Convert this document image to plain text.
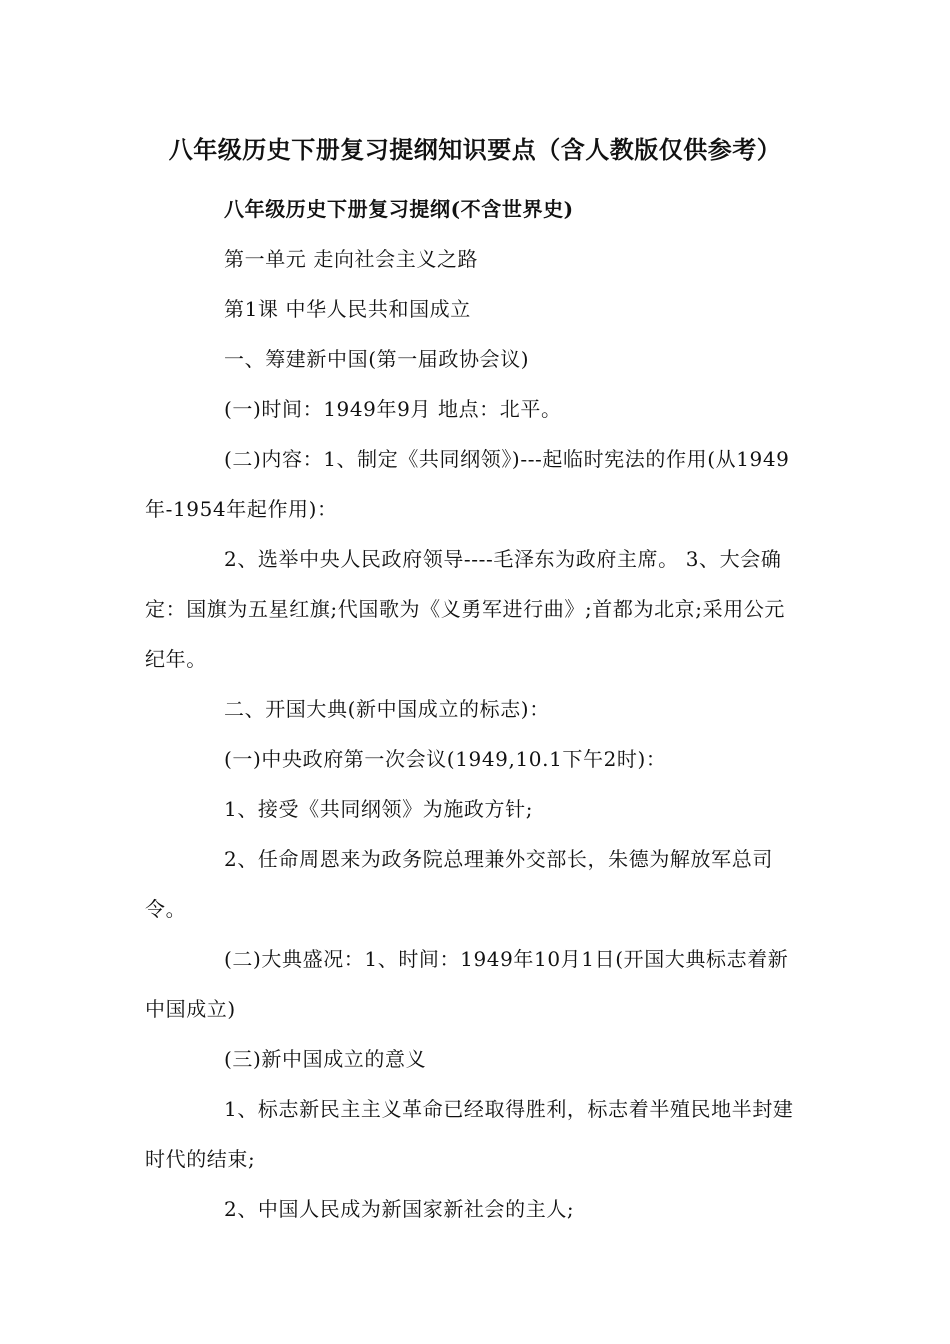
八年级历史下册复习提纲知识要点（含人教版仅供参考）

八年级历史下册复习提纲(不含世界史)

第一单元 走向社会主义之路

第1课 中华人民共和国成立

一、筹建新中国(第一届政协会议)

(一)时间：1949年9月 地点：北平。

(二)内容：1、制定《共同纲领》)---起临时宪法的作用(从1949年-1954年起作用)：

2、选举中央人民政府领导----毛泽东为政府主席。 3、大会确定：国旗为五星红旗;代国歌为《义勇军进行曲》;首都为北京;采用公元纪年。

二、开国大典(新中国成立的标志)：

(一)中央政府第一次会议(1949,10.1下午2时)：

1、接受《共同纲领》为施政方针;

2、任命周恩来为政务院总理兼外交部长，朱德为解放军总司令。

(二)大典盛况：1、时间：1949年10月1日(开国大典标志着新中国成立)

(三)新中国成立的意义

1、标志新民主主义革命已经取得胜利，标志着半殖民地半封建时代的结束;

2、中国人民成为新国家新社会的主人;
